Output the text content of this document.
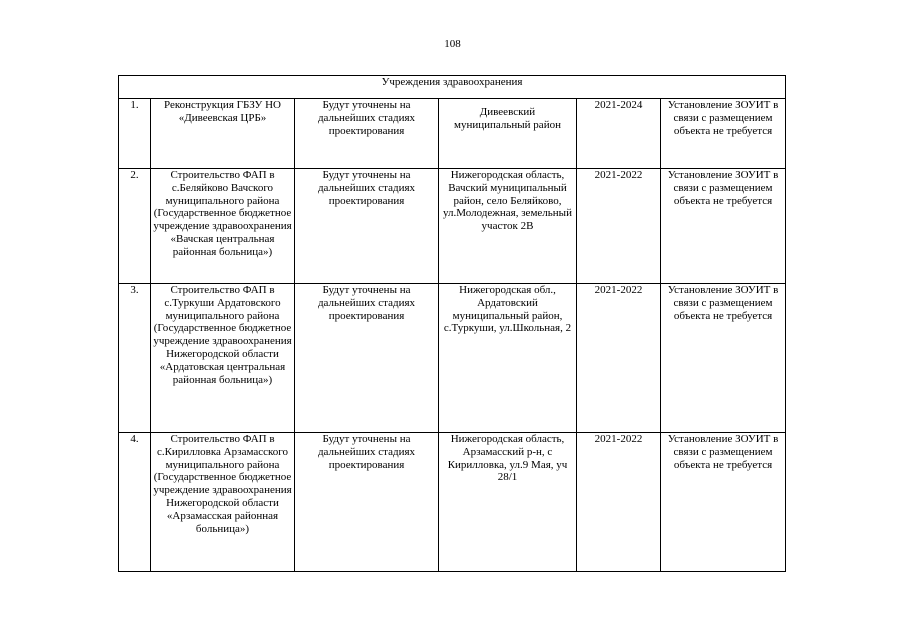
108
Учреждения здравоохранения					
1.	Реконструкция ГБЗУ НО «Дивеевская ЦРБ»	Будут уточнены на дальнейших стадиях проектирования	Дивеевский муниципальный район	2021-2024	Установление ЗОУИТ в связи с размещением объекта не требуется
2.	Строительство ФАП в с.Беляйково Вачского муниципального района (Государственное бюджетное учреждение здравоохранения «Вачская центральная районная больница»)	Будут уточнены на дальнейших стадиях проектирования	Нижегородская область, Вачский муниципальный район, село Беляйково, ул.Молодежная, земельный участок 2В	2021-2022	Установление ЗОУИТ в связи с размещением объекта не требуется
3.	Строительство ФАП в с.Туркуши Ардатовского муниципального района (Государственное бюджетное учреждение здравоохранения Нижегородской области «Ардатовская центральная районная больница»)	Будут уточнены на дальнейших стадиях проектирования	Нижегородская обл., Ардатовский муниципальный район, с.Туркуши, ул.Школьная, 2	2021-2022	Установление ЗОУИТ в связи с размещением объекта не требуется
4.	Строительство ФАП в с.Кирилловка Арзамасского муниципального района (Государственное бюджетное учреждение здравоохранения Нижегородской области «Арзамасская районная больница»)	Будут уточнены на дальнейших стадиях проектирования	Нижегородская область, Арзамасский р-н, с Кирилловка, ул.9 Мая, уч 28/1	2021-2022	Установление ЗОУИТ в связи с размещением объекта не требуется
